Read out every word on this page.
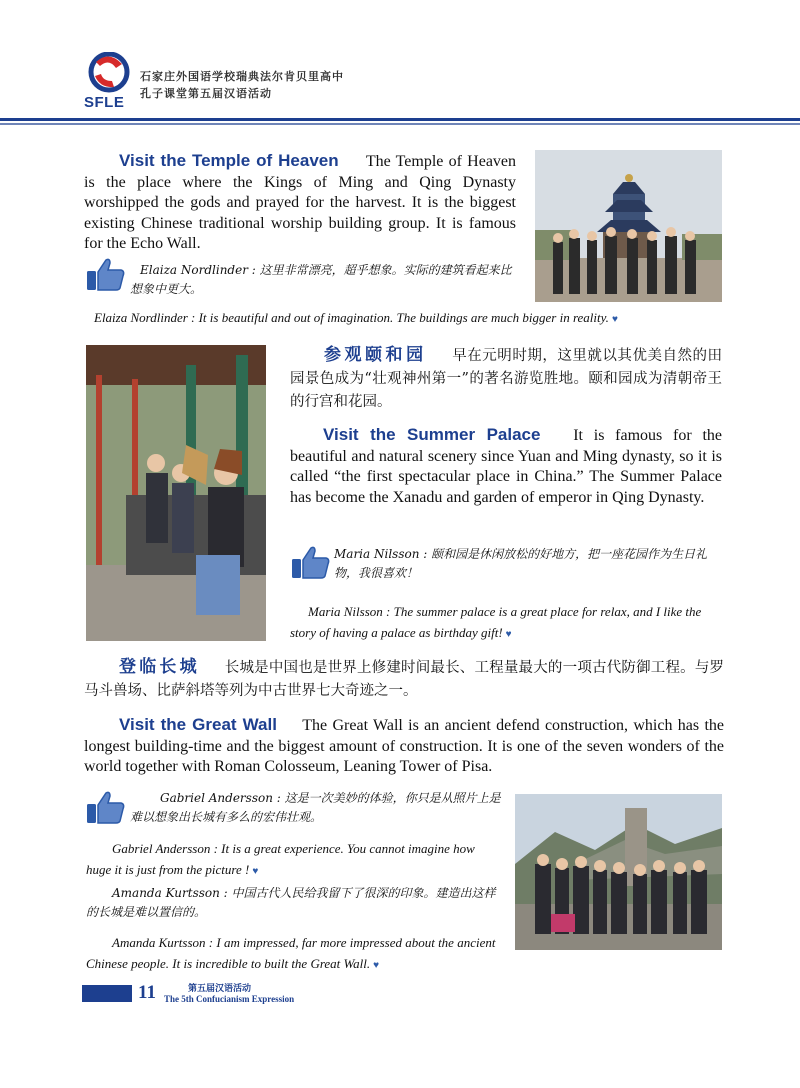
SFLE
石家庄外国语学校瑞典法尔肯贝里高中
孔子课堂第五届汉语活动
Visit the Temple of Heaven The Temple of Heaven is the place where the Kings of Ming and Qing Dynasty worshipped the gods and prayed for the harvest. It is the biggest existing Chinese traditional worship building group. It is famous for the Echo Wall.
Elaiza Nordlinder : 这里非常漂亮，超乎想象。实际的建筑看起来比想象中更大。
Elaiza Nordlinder : It is beautiful and out of imagination. The buildings are much bigger in reality. ♥
参观颐和园 早在元明时期，这里就以其优美自然的田园景色成为“壮观神州第一”的著名游览胜地。颐和园成为清朝帝王的行宫和花园。
Visit the Summer Palace It is famous for the beautiful and natural scenery since Yuan and Ming dynasty, so it is called “the first spectacular place in China.” The Summer Palace has become the Xanadu and garden of emperor in Qing Dynasty.
Maria Nilsson : 颐和园是休闲放松的好地方，把一座花园作为生日礼物，我很喜欢！
Maria Nilsson : The summer palace is a great place for relax, and I like the story of having a palace as birthday gift! ♥
登临长城 长城是中国也是世界上修建时间最长、工程量最大的一项古代防御工程。与罗马斗兽场、比萨斜塔等列为中古世界七大奇迹之一。
Visit the Great Wall The Great Wall is an ancient defend construction, which has the longest building-time and the biggest amount of construction. It is one of the seven wonders of the world together with Roman Colosseum, Leaning Tower of Pisa.
Gabriel Andersson : 这是一次美妙的体验，你只是从照片上是难以想象出长城有多么的宏伟壮观。
Gabriel Andersson : It is a great experience. You cannot imagine how huge it is just from the picture ! ♥
Amanda Kurtsson : 中国古代人民给我留下了很深的印象。建造出这样的长城是难以置信的。
Amanda Kurtsson : I am impressed, far more impressed about the ancient Chinese people. It is incredible to built the Great Wall. ♥
11	第五届汉语活动
The 5th Confucianism Expression
